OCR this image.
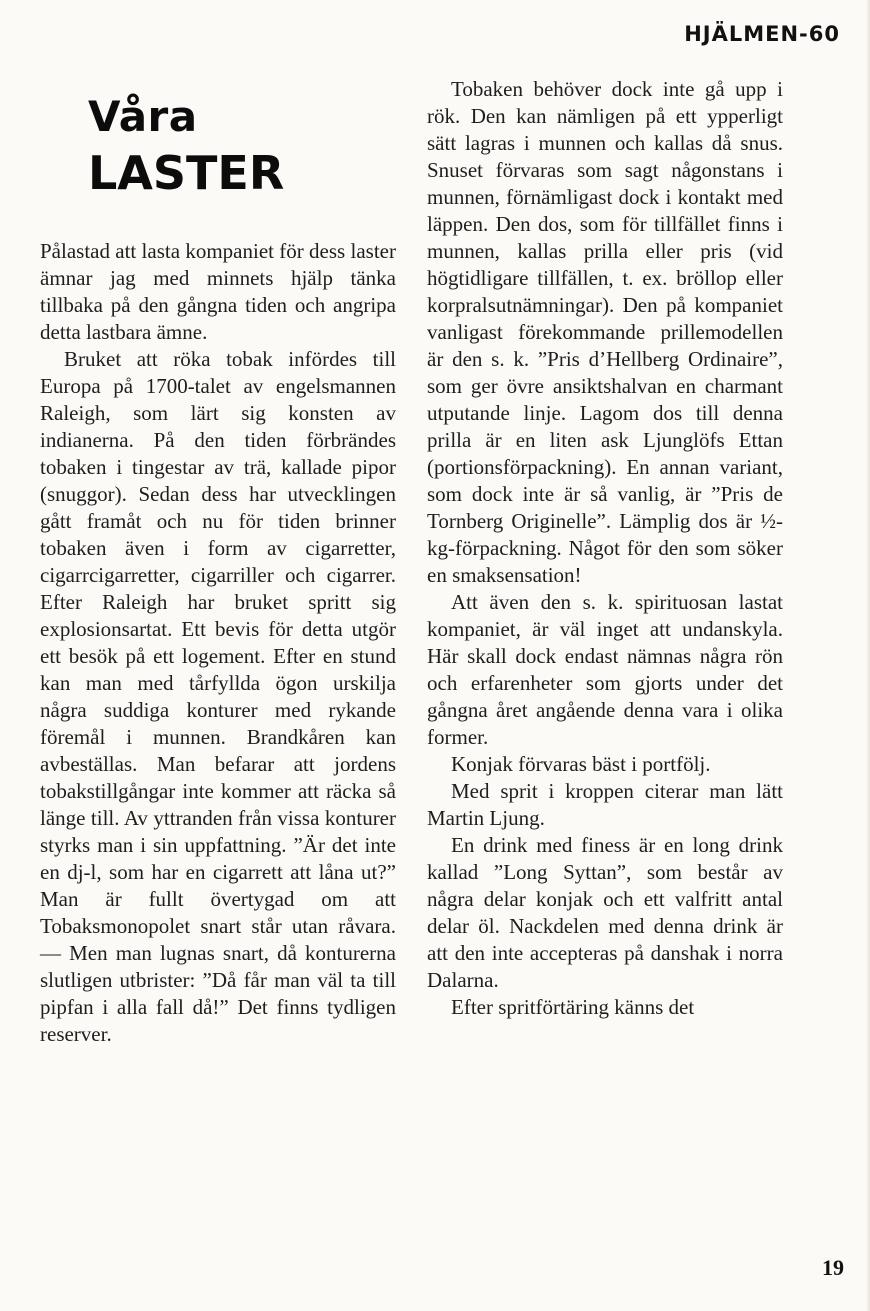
HJÄLMEN-60
Våra
LASTER

Pålastad att lasta kompaniet för dess laster ämnar jag med minnets hjälp tänka tillbaka på den gångna tiden och angripa detta lastbara ämne.

Bruket att röka tobak infördes till Europa på 1700-talet av engelsmannen Raleigh, som lärt sig konsten av indianerna. På den tiden förbrändes tobaken i tingestar av trä, kallade pipor (snuggor). Sedan dess har utvecklingen gått framåt och nu för tiden brinner tobaken även i form av cigarretter, cigarrcigarretter, cigarriller och cigarrer. Efter Raleigh har bruket spritt sig explosionsartat. Ett bevis för detta utgör ett besök på ett logement. Efter en stund kan man med tårfyllda ögon urskilja några suddiga konturer med rykande föremål i munnen. Brandkåren kan avbeställas. Man befarar att jordens tobakstillgångar inte kommer att räcka så länge till. Av yttranden från vissa konturer styrks man i sin uppfattning. ”Är det inte en dj-l, som har en cigarrett att låna ut?” Man är fullt övertygad om att Tobaksmonopolet snart står utan råvara. — Men man lugnas snart, då konturerna slutligen utbrister: ”Då får man väl ta till pipfan i alla fall då!” Det finns tydligen reserver.

Tobaken behöver dock inte gå upp i rök. Den kan nämligen på ett ypperligt sätt lagras i munnen och kallas då snus. Snuset förvaras som sagt någonstans i munnen, förnämligast dock i kontakt med läppen. Den dos, som för tillfället finns i munnen, kallas prilla eller pris (vid högtidligare tillfällen, t. ex. bröllop eller korpralsutnämningar). Den på kompaniet vanligast förekommande prillemodellen är den s. k. ”Pris d’Hellberg Ordinaire”, som ger övre ansiktshalvan en charmant utputande linje. Lagom dos till denna prilla är en liten ask Ljunglöfs Ettan (portionsförpackning). En annan variant, som dock inte är så vanlig, är ”Pris de Tornberg Originelle”. Lämplig dos är ½-kg-förpackning. Något för den som söker en smaksensation!

Att även den s. k. spirituosan lastat kompaniet, är väl inget att undanskyla. Här skall dock endast nämnas några rön och erfarenheter som gjorts under det gångna året angående denna vara i olika former.

Konjak förvaras bäst i portfölj.

Med sprit i kroppen citerar man lätt Martin Ljung.

En drink med finess är en long drink kallad ”Long Syttan”, som består av några delar konjak och ett valfritt antal delar öl. Nackdelen med denna drink är att den inte accepteras på danshak i norra Dalarna.

Efter spritförtäring känns det

19
